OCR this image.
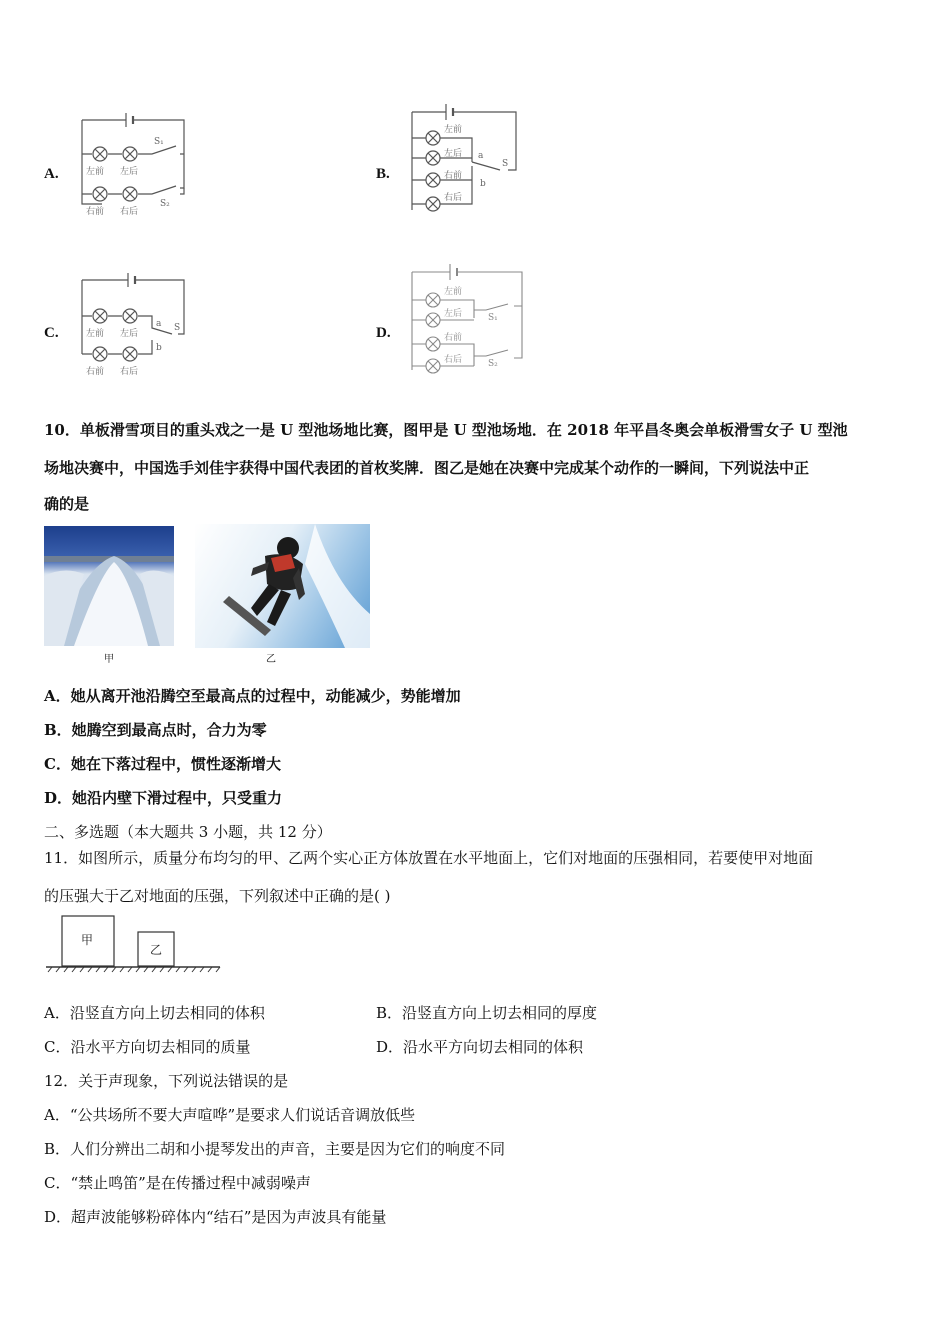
A.	左前 左后
右前 右后
S₁
S₂
B.
左前
左后
右前
右后
a
S
b
C.	左前 左后
右前 右后
a S
b
D.
左前
左后
右前
右后
S₁
S₂
10．单板滑雪项目的重头戏之一是 U 型池场地比赛，图甲是 U 型池场地．在 2018 年平昌冬奥会单板滑雪女子 U 型池
场地决赛中，中国选手刘佳宇获得中国代表团的首枚奖牌．图乙是她在决赛中完成某个动作的一瞬间，下列说法中正
确的是
甲	乙
A．她从离开池沿腾空至最高点的过程中，动能减少，势能增加
B．她腾空到最高点时，合力为零
C．她在下落过程中，惯性逐渐增大
D．她沿内壁下滑过程中，只受重力
二、多选题（本大题共 3 小题，共 12 分）
11．如图所示，质量分布均匀的甲、乙两个实心正方体放置在水平地面上，它们对地面的压强相同，若要使甲对地面
的压强大于乙对地面的压强，下列叙述中正确的是( )
甲
乙
A．沿竖直方向上切去相同的体积	B．沿竖直方向上切去相同的厚度
C．沿水平方向切去相同的质量	D．沿水平方向切去相同的体积
12．关于声现象，下列说法错误的是
A．“公共场所不要大声喧哗”是要求人们说话音调放低些
B．人们分辨出二胡和小提琴发出的声音，主要是因为它们的响度不同
C．“禁止鸣笛”是在传播过程中减弱噪声
D．超声波能够粉碎体内“结石”是因为声波具有能量
